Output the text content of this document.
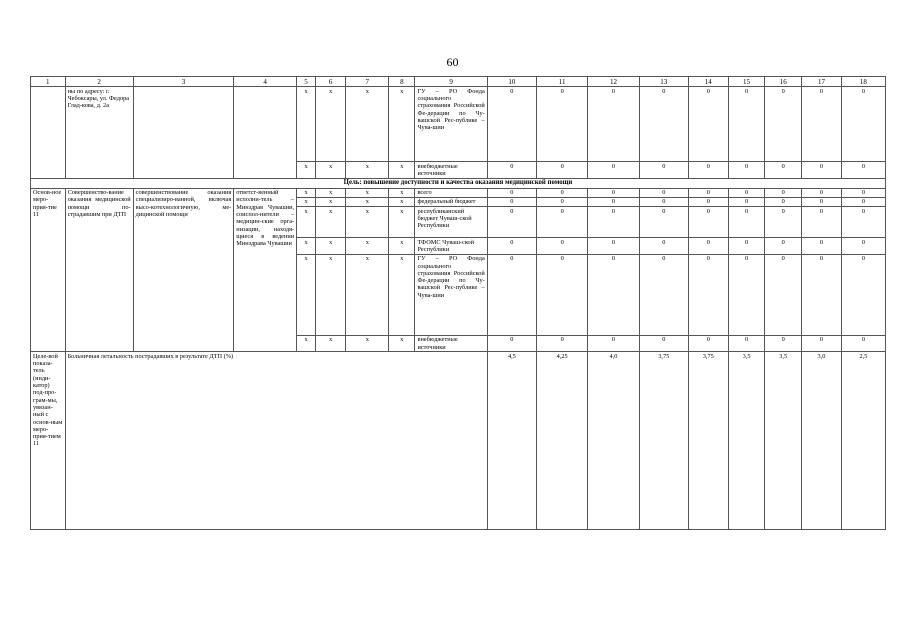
60
1	2	3	4	5	6	7	8	9	10	11	12	13	14	15	16	17	18
	ны по адресу: г. Чебоксары, ул. Федора Глад-кова, д. 2а			х	х	х	х	ГУ – РО Фонда социального страхования Российской Фе-дерации по Чу-вашской Рес-публике – Чува-шии	0	0	0	0	0	0	0	0	0
				х	х	х	х	внебюджетные источники	0	0	0	0	0	0	0	0	0
Цель: повышение доступности и качества оказания медицинской помощи																	
Основ-ное меро-прия-тие 11	Совершенство-вание оказания медицинской помощи по-страдавшим при ДТП	совершенствование оказания специализиро-ванной, включая высо-котехнологичную, ме-дицинской помощи	ответст-венный исполни-тель – Минздрав Чувашии, соиспол-нители – медицин-ские орга-низации, находя-щиеся в ведении Минздрава Чувашии	х	х	х	х	всего	0	0	0	0	0	0	0	0	0
				х	х	х	х	федеральный бюджет	0	0	0	0	0	0	0	0	0
				х	х	х	х	республиканский бюджет Чуваш-ской Республики	0	0	0	0	0	0	0	0	0
				х	х	х	х	ТФОМС Чуваш-ской Республики	0	0	0	0	0	0	0	0	0
				х	х	х	х	ГУ – РО Фонда социального страхования Российской Фе-дерации по Чу-вашской Рес-публике – Чува-шии	0	0	0	0	0	0	0	0	0
				х	х	х	х	внебюджетные источники	0	0	0	0	0	0	0	0	0
Целе-вой показа-тель (инди-катор) под-про-грам-мы, увязан-ный с основ-ным меро-прия-тием 11	Больничная летальность пострадавших в результате ДТП (%)								4,5	4,25	4,0	3,75	3,75	3,5	3,5	3,0	2,5
